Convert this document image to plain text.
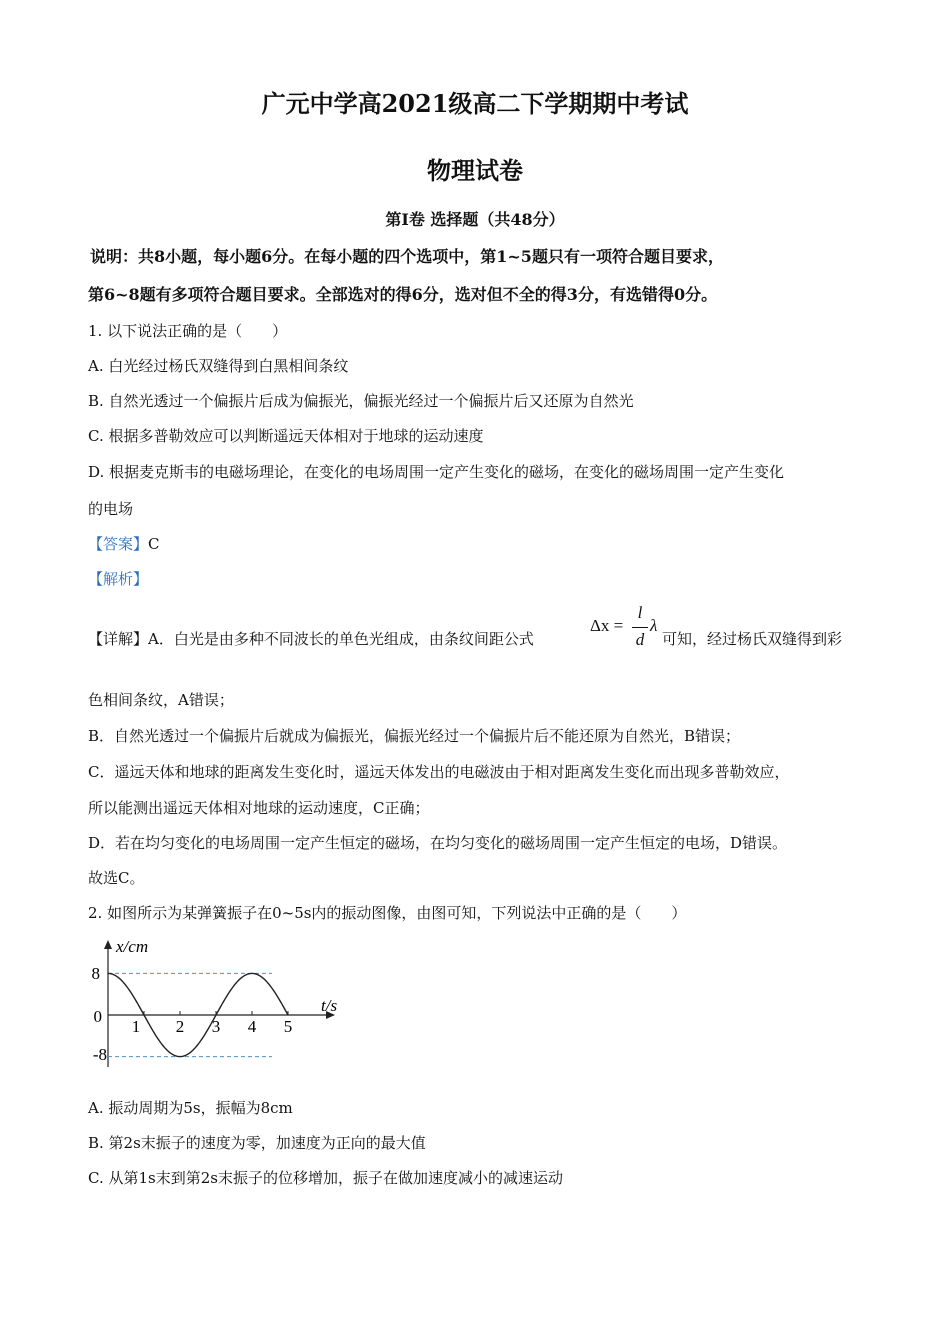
广元中学高2021级高二下学期期中考试
物理试卷
第I卷 选择题（共48分）
说明：共8小题，每小题6分。在每小题的四个选项中，第1~5题只有一项符合题目要求，
第6~8题有多项符合题目要求。全部选对的得6分，选对但不全的得3分，有选错得0分。
1. 以下说法正确的是（　　）
A. 白光经过杨氏双缝得到白黑相间条纹
B. 自然光透过一个偏振片后成为偏振光，偏振光经过一个偏振片后又还原为自然光
C. 根据多普勒效应可以判断遥远天体相对于地球的运动速度
D. 根据麦克斯韦的电磁场理论，在变化的电场周围一定产生变化的磁场，在变化的磁场周围一定产生变化
的电场
【答案】C
【解析】
【详解】A．白光是由多种不同波长的单色光组成，由条纹间距公式
Δx =
l
d
λ
可知，经过杨氏双缝得到彩
色相间条纹，A错误；
B．自然光透过一个偏振片后就成为偏振光，偏振光经过一个偏振片后不能还原为自然光，B错误；
C．遥远天体和地球的距离发生变化时，遥远天体发出的电磁波由于相对距离发生变化而出现多普勒效应，
所以能测出遥远天体相对地球的运动速度，C正确；
D．若在均匀变化的电场周围一定产生恒定的磁场，在均匀变化的磁场周围一定产生恒定的电场，D错误。
故选C。
2. 如图所示为某弹簧振子在0~5s内的振动图像，由图可知，下列说法中正确的是（　　）
x/cm
t/s
8
0
-8
1 2 3 4 5
A. 振动周期为5s，振幅为8cm
B. 第2s末振子的速度为零，加速度为正向的最大值
C. 从第1s末到第2s末振子的位移增加，振子在做加速度减小的减速运动
